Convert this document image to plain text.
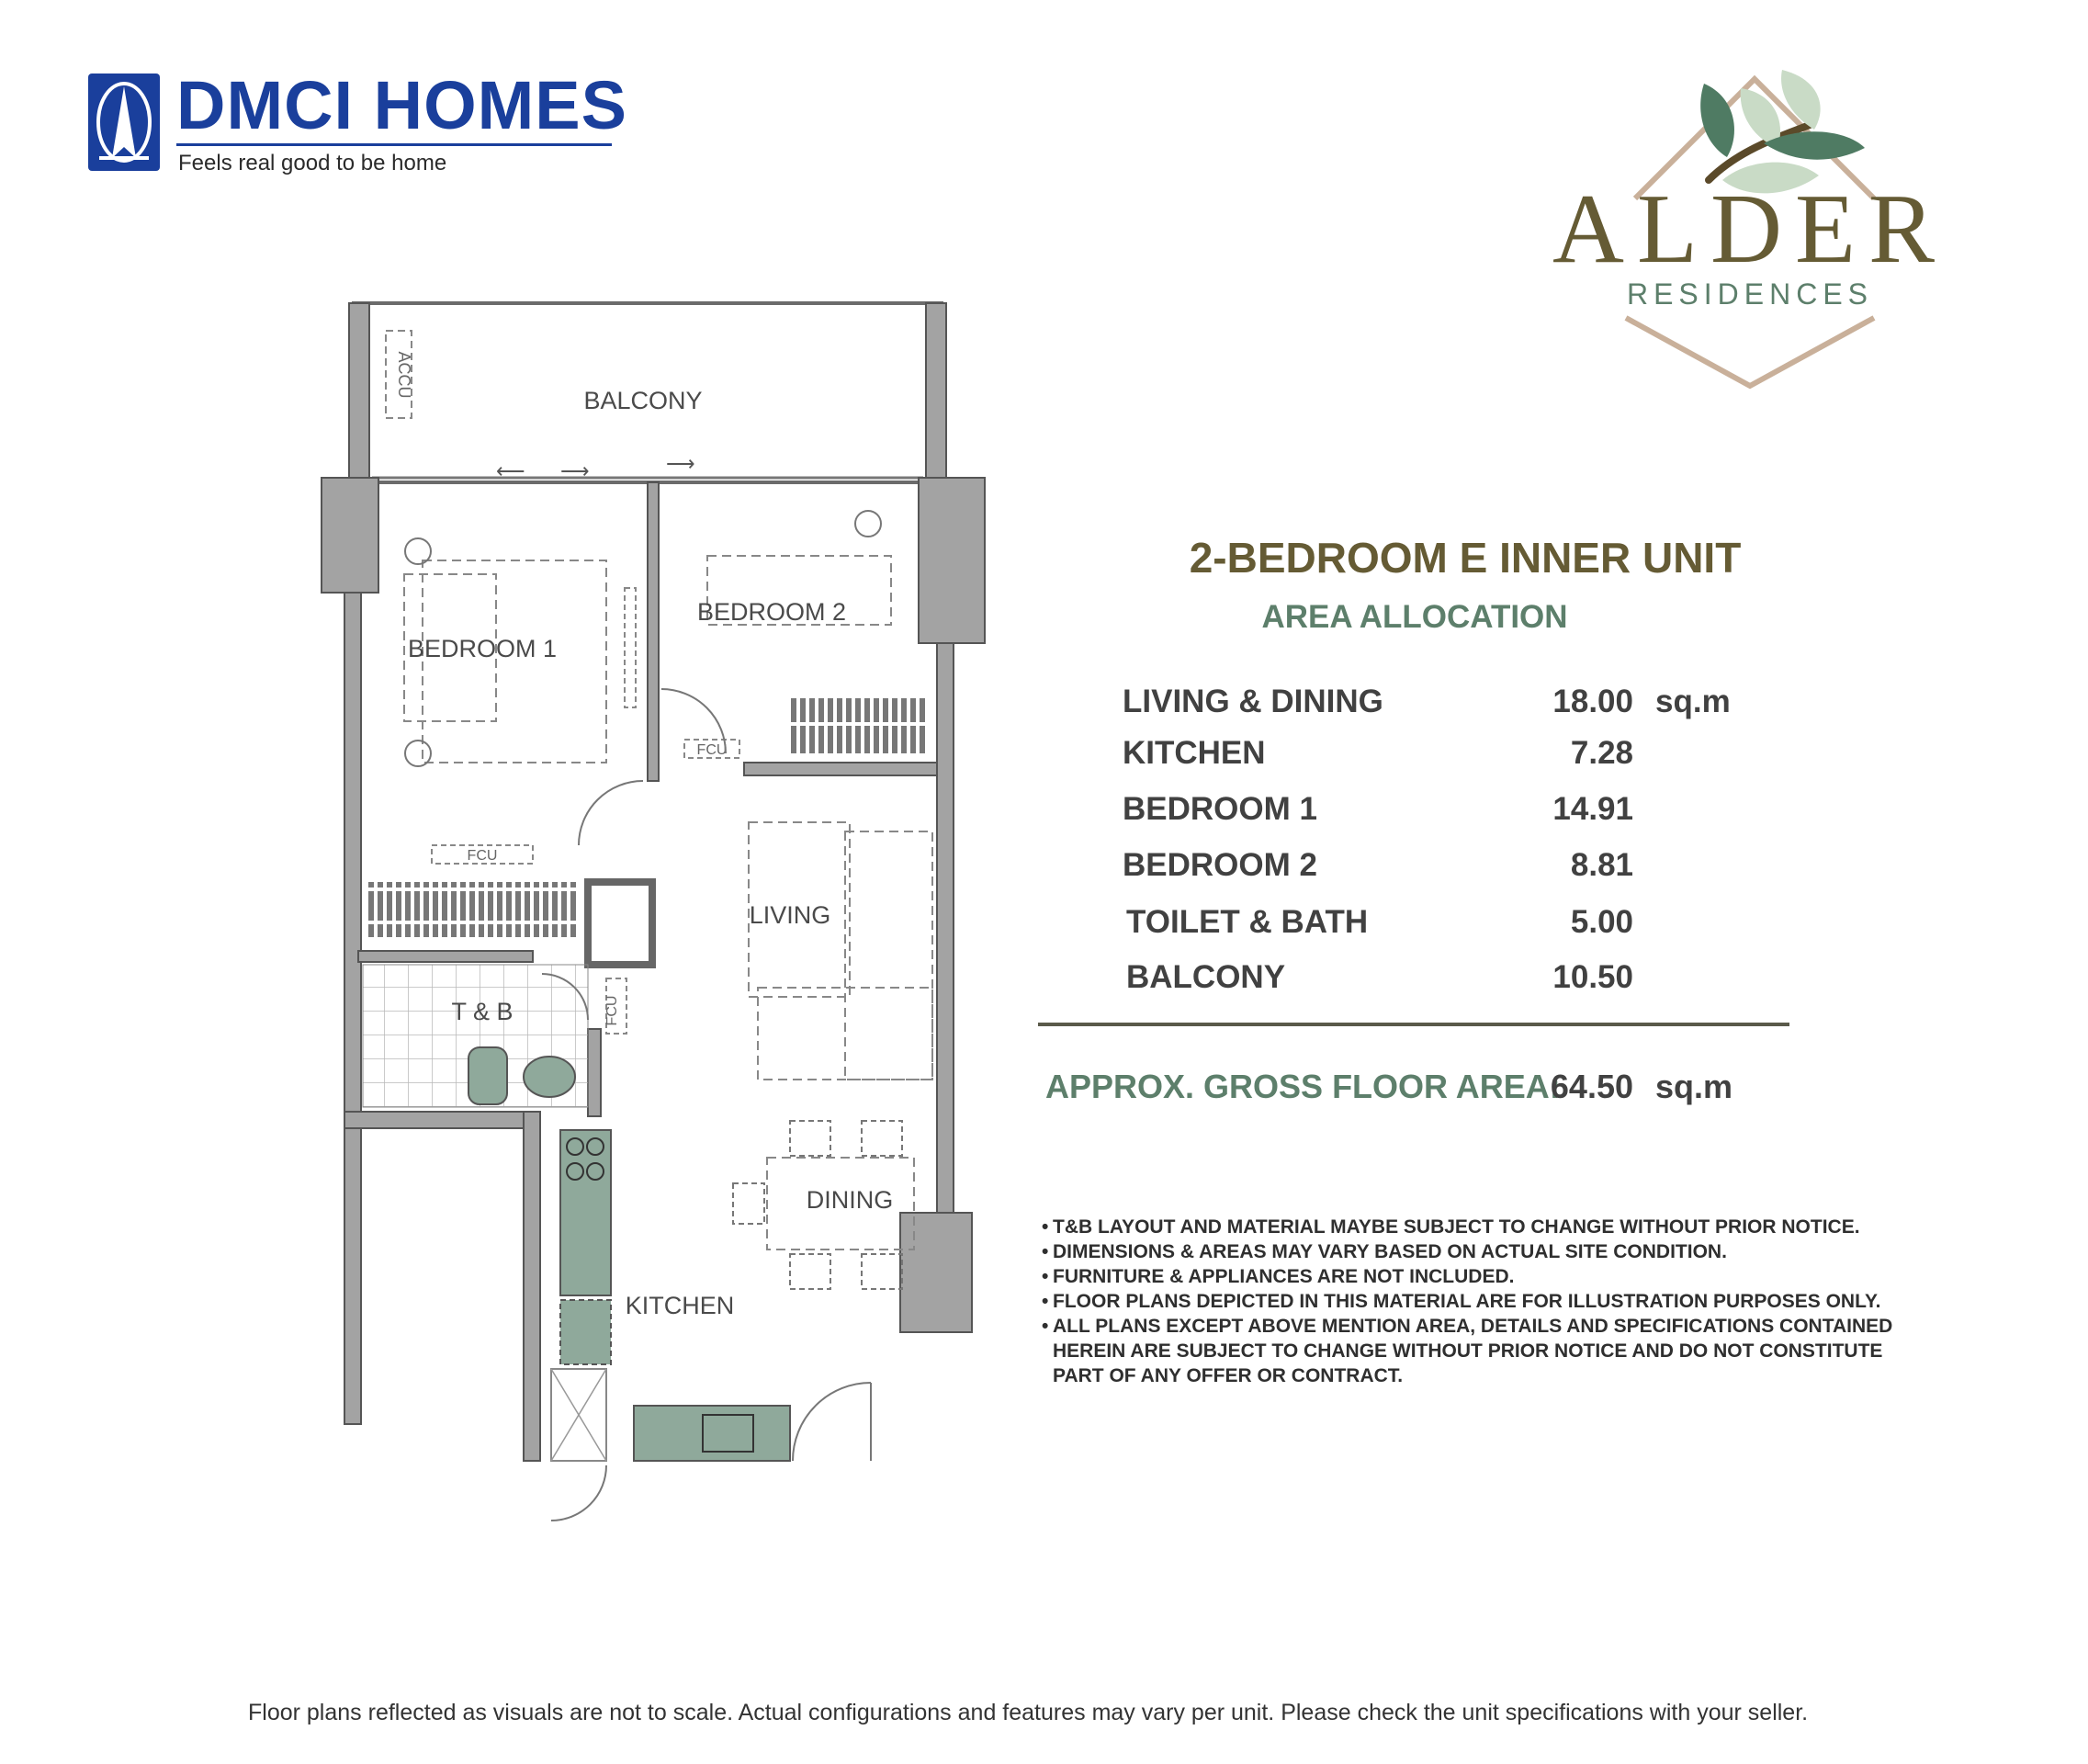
DMCI HOMES
Feels real good to be home
ALDER
RESIDENCES
ACCU
BALCONY
⟵ ⟶	⟶
BEDROOM 1
FCU
BEDROOM 2
FCU
LIVING
FCU
T & B
KITCHEN
DINING
2-BEDROOM E INNER UNIT
AREA ALLOCATION
LIVING & DINING	18.00 sq.m
KITCHEN	7.28
BEDROOM 1	14.91
BEDROOM 2	8.81
TOILET & BATH	5.00
BALCONY	10.50
APPROX. GROSS FLOOR AREA:
64.50 sq.m
• T&B LAYOUT AND MATERIAL MAYBE SUBJECT TO CHANGE WITHOUT PRIOR NOTICE.
• DIMENSIONS & AREAS MAY VARY BASED ON ACTUAL SITE CONDITION.
• FURNITURE & APPLIANCES ARE NOT INCLUDED.
• FLOOR PLANS DEPICTED IN THIS MATERIAL ARE FOR ILLUSTRATION PURPOSES ONLY.
• ALL PLANS EXCEPT ABOVE MENTION AREA, DETAILS AND SPECIFICATIONS CONTAINED
HEREIN ARE SUBJECT TO CHANGE WITHOUT PRIOR NOTICE AND DO NOT CONSTITUTE
PART OF ANY OFFER OR CONTRACT.
Floor plans reflected as visuals are not to scale. Actual configurations and features may vary per unit. Please check the unit specifications with your seller.
